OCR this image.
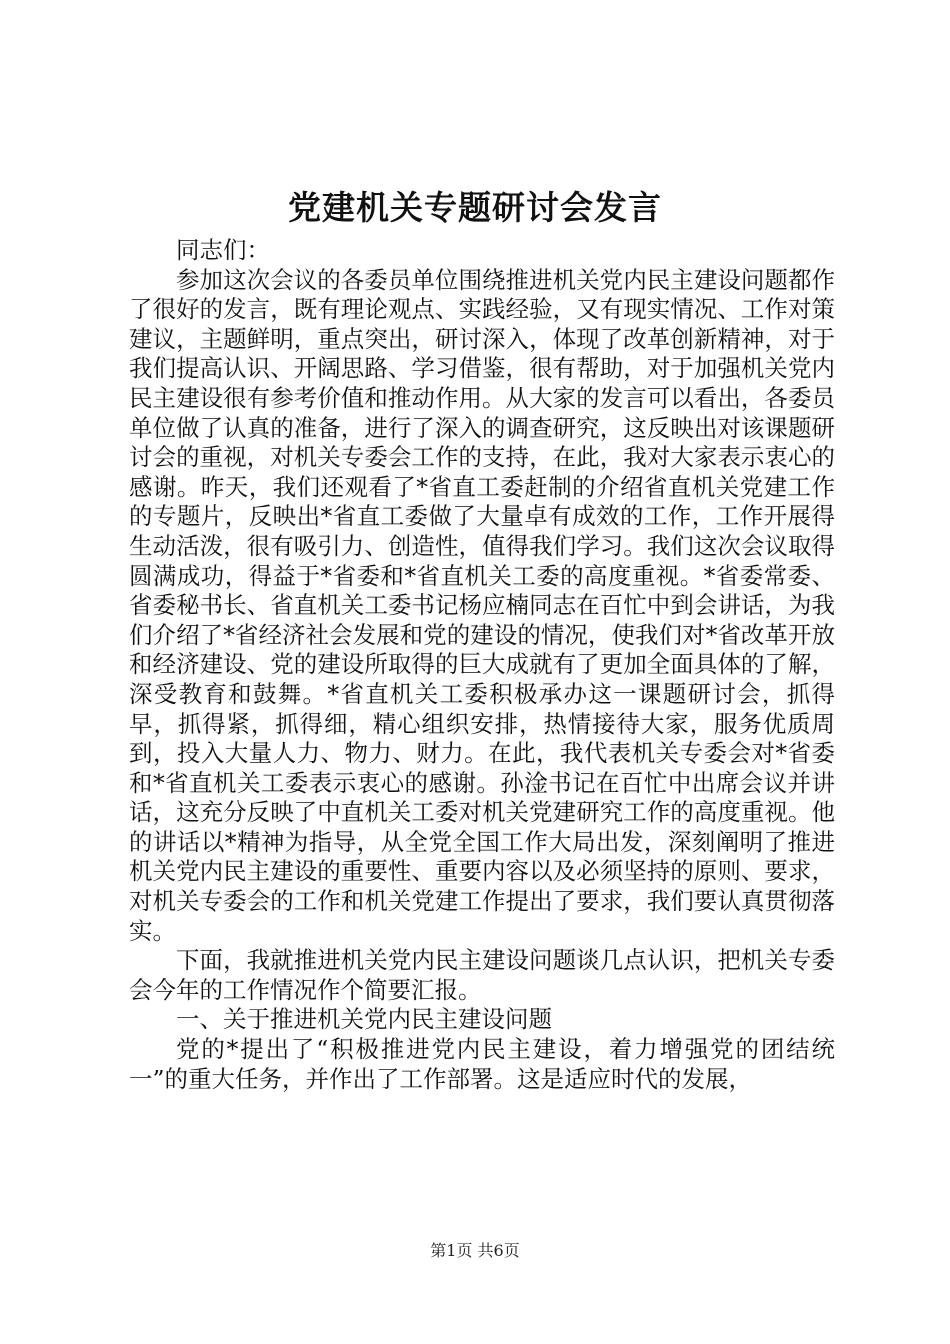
党建机关专题研讨会发言

同志们：

参加这次会议的各委员单位围绕推进机关党内民主建设问题都作了很好的发言，既有理论观点、实践经验，又有现实情况、工作对策建议，主题鲜明，重点突出，研讨深入，体现了改革创新精神，对于我们提高认识、开阔思路、学习借鉴，很有帮助，对于加强机关党内民主建设很有参考价值和推动作用。从大家的发言可以看出，各委员单位做了认真的准备，进行了深入的调查研究，这反映出对该课题研讨会的重视，对机关专委会工作的支持，在此，我对大家表示衷心的感谢。昨天，我们还观看了*省直工委赶制的介绍省直机关党建工作的专题片，反映出*省直工委做了大量卓有成效的工作，工作开展得生动活泼，很有吸引力、创造性，值得我们学习。我们这次会议取得圆满成功，得益于*省委和*省直机关工委的高度重视。*省委常委、省委秘书长、省直机关工委书记杨应楠同志在百忙中到会讲话，为我们介绍了*省经济社会发展和党的建设的情况，使我们对*省改革开放和经济建设、党的建设所取得的巨大成就有了更加全面具体的了解，深受教育和鼓舞。*省直机关工委积极承办这一课题研讨会，抓得早，抓得紧，抓得细，精心组织安排，热情接待大家，服务优质周到，投入大量人力、物力、财力。在此，我代表机关专委会对*省委和*省直机关工委表示衷心的感谢。孙淦书记在百忙中出席会议并讲话，这充分反映了中直机关工委对机关党建研究工作的高度重视。他的讲话以*精神为指导，从全党全国工作大局出发，深刻阐明了推进机关党内民主建设的重要性、重要内容以及必须坚持的原则、要求，对机关专委会的工作和机关党建工作提出了要求，我们要认真贯彻落实。

下面，我就推进机关党内民主建设问题谈几点认识，把机关专委会今年的工作情况作个简要汇报。

一、关于推进机关党内民主建设问题

党的*提出了“积极推进党内民主建设，着力增强党的团结统一”的重大任务，并作出了工作部署。这是适应时代的发展，

第1页 共6页
